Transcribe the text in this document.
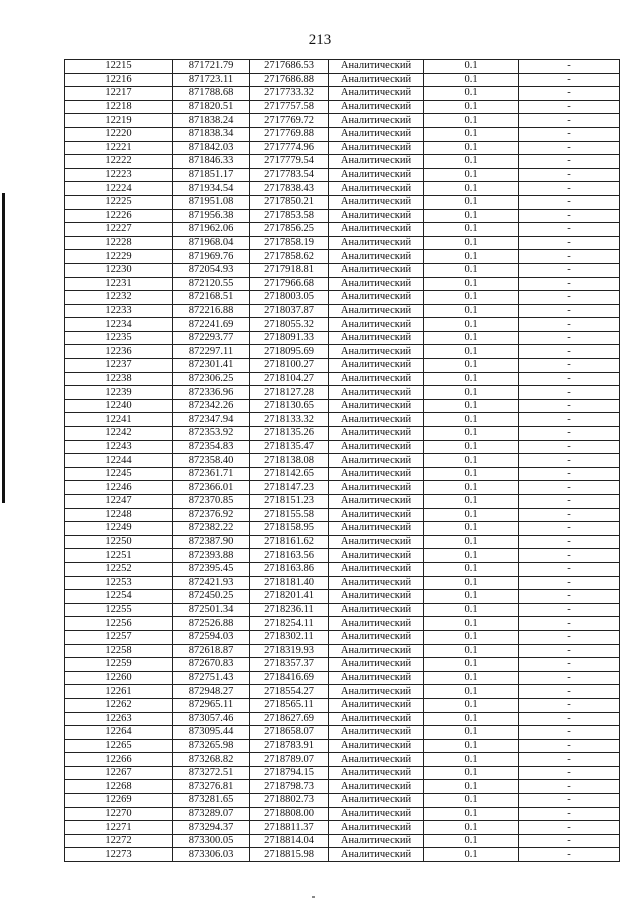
213
12215	871721.79	2717686.53	Аналитический	0.1	-
12216	871723.11	2717686.88	Аналитический	0.1	-
12217	871788.68	2717733.32	Аналитический	0.1	-
12218	871820.51	2717757.58	Аналитический	0.1	-
12219	871838.24	2717769.72	Аналитический	0.1	-
12220	871838.34	2717769.88	Аналитический	0.1	-
12221	871842.03	2717774.96	Аналитический	0.1	-
12222	871846.33	2717779.54	Аналитический	0.1	-
12223	871851.17	2717783.54	Аналитический	0.1	-
12224	871934.54	2717838.43	Аналитический	0.1	-
12225	871951.08	2717850.21	Аналитический	0.1	-
12226	871956.38	2717853.58	Аналитический	0.1	-
12227	871962.06	2717856.25	Аналитический	0.1	-
12228	871968.04	2717858.19	Аналитический	0.1	-
12229	871969.76	2717858.62	Аналитический	0.1	-
12230	872054.93	2717918.81	Аналитический	0.1	-
12231	872120.55	2717966.68	Аналитический	0.1	-
12232	872168.51	2718003.05	Аналитический	0.1	-
12233	872216.88	2718037.87	Аналитический	0.1	-
12234	872241.69	2718055.32	Аналитический	0.1	-
12235	872293.77	2718091.33	Аналитический	0.1	-
12236	872297.11	2718095.69	Аналитический	0.1	-
12237	872301.41	2718100.27	Аналитический	0.1	-
12238	872306.25	2718104.27	Аналитический	0.1	-
12239	872336.96	2718127.28	Аналитический	0.1	-
12240	872342.26	2718130.65	Аналитический	0.1	-
12241	872347.94	2718133.32	Аналитический	0.1	-
12242	872353.92	2718135.26	Аналитический	0.1	-
12243	872354.83	2718135.47	Аналитический	0.1	-
12244	872358.40	2718138.08	Аналитический	0.1	-
12245	872361.71	2718142.65	Аналитический	0.1	-
12246	872366.01	2718147.23	Аналитический	0.1	-
12247	872370.85	2718151.23	Аналитический	0.1	-
12248	872376.92	2718155.58	Аналитический	0.1	-
12249	872382.22	2718158.95	Аналитический	0.1	-
12250	872387.90	2718161.62	Аналитический	0.1	-
12251	872393.88	2718163.56	Аналитический	0.1	-
12252	872395.45	2718163.86	Аналитический	0.1	-
12253	872421.93	2718181.40	Аналитический	0.1	-
12254	872450.25	2718201.41	Аналитический	0.1	-
12255	872501.34	2718236.11	Аналитический	0.1	-
12256	872526.88	2718254.11	Аналитический	0.1	-
12257	872594.03	2718302.11	Аналитический	0.1	-
12258	872618.87	2718319.93	Аналитический	0.1	-
12259	872670.83	2718357.37	Аналитический	0.1	-
12260	872751.43	2718416.69	Аналитический	0.1	-
12261	872948.27	2718554.27	Аналитический	0.1	-
12262	872965.11	2718565.11	Аналитический	0.1	-
12263	873057.46	2718627.69	Аналитический	0.1	-
12264	873095.44	2718658.07	Аналитический	0.1	-
12265	873265.98	2718783.91	Аналитический	0.1	-
12266	873268.82	2718789.07	Аналитический	0.1	-
12267	873272.51	2718794.15	Аналитический	0.1	-
12268	873276.81	2718798.73	Аналитический	0.1	-
12269	873281.65	2718802.73	Аналитический	0.1	-
12270	873289.07	2718808.00	Аналитический	0.1	-
12271	873294.37	2718811.37	Аналитический	0.1	-
12272	873300.05	2718814.04	Аналитический	0.1	-
12273	873306.03	2718815.98	Аналитический	0.1	-
